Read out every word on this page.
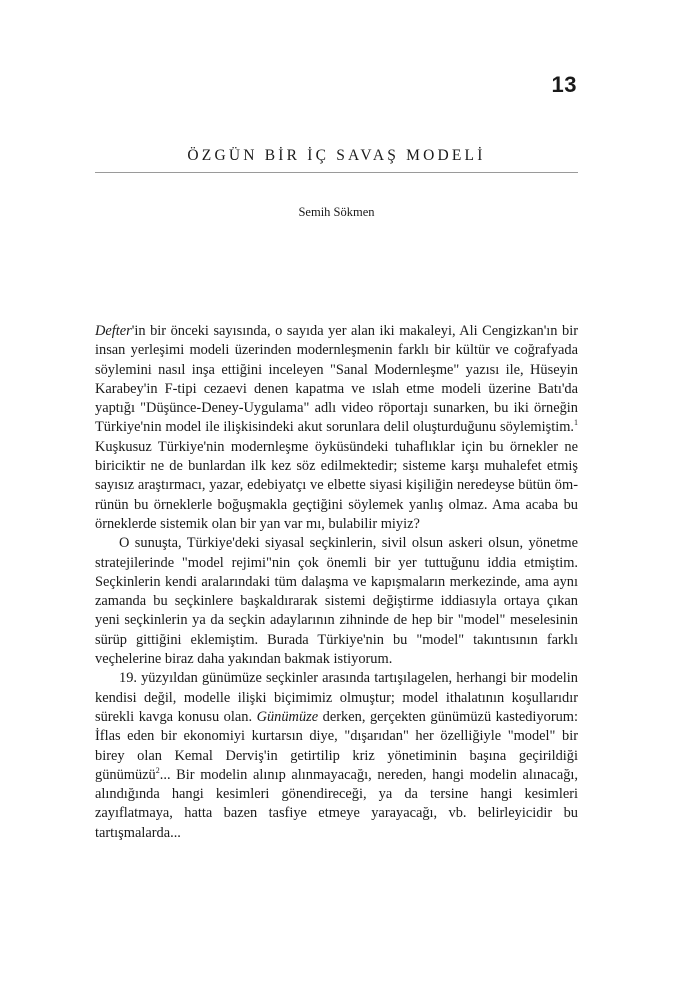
13
ÖZGÜN BİR İÇ SAVAŞ MODELİ
Semih Sökmen

Defter'in bir önceki sayısında, o sayıda yer alan iki makaleyi, Ali Cengizkan'ın bir insan yerleşimi modeli üzerinden modernleşmenin farklı bir kültür ve coğrafyada söylemini nasıl inşa ettiğini inceleyen "Sanal Modernleşme" yazısı ile, Hüseyin Karabey'in F-tipi cezaevi denen kapatma ve ıslah etme modeli üzerine Batı'da yaptığı "Düşünce-Deney-Uygulama" adlı video röportajı sunarken, bu iki örneğin Türkiye'nin model ile ilişkisindeki akut sorunlara delil oluşturduğunu söylemiştim.$^1$ Kuşkusuz Türkiye'nin modernleşme öyküsündeki tuhaflıklar için bu örnekler ne biriciktir ne de bunlardan ilk kez söz edilmektedir; sisteme karşı muhalefet etmiş sayısız araştırmacı, yazar, edebiyatçı ve elbette siyasi kişiliğin neredeyse bütün ömrünün bu örneklerle boğuşmakla geçtiğini söylemek yanlış olmaz. Ama acaba bu örneklerde sistemik olan bir yan var mı, bulabilir miyiz?

O sunuşta, Türkiye'deki siyasal seçkinlerin, sivil olsun askeri olsun, yönetme stratejilerinde "model rejimi"nin çok önemli bir yer tuttuğunu iddia etmiştim. Seçkinlerin kendi aralarındaki tüm dalaşma ve kapışmaların merkezinde, ama aynı zamanda bu seçkinlere başkaldırarak sistemi değiştirme iddiasıyla ortaya çıkan yeni seçkinlerin ya da seçkin adaylarının zihninde de hep bir "model" meselesinin sürüp gittiğini eklemiştim. Burada Türkiye'nin bu "model" takıntısının farklı veçhelerine biraz daha yakından bakmak istiyorum.

19. yüzyıldan günümüze seçkinler arasında tartışılagelen, herhangi bir modelin kendisi değil, modelle ilişki biçimimiz olmuştur; model ithalatının koşullarıdır sürekli kavga konusu olan. Günümüze derken, gerçekten günümüzü kastediyorum: İflas eden bir ekonomiyi kurtarsın diye, "dışarıdan" her özelliğiyle "model" bir birey olan Kemal Derviş'in getirtilip kriz yönetiminin başına geçirildiği günümüzü$^2$... Bir modelin alınıp alınmayacağı, nereden, hangi modelin alınacağı, alındığında hangi kesimleri gönendireceği, ya da tersine hangi kesimleri zayıflatmaya, hatta bazen tasfiye etmeye yarayacağı, vb. belirleyicidir bu tartışmalarda...
